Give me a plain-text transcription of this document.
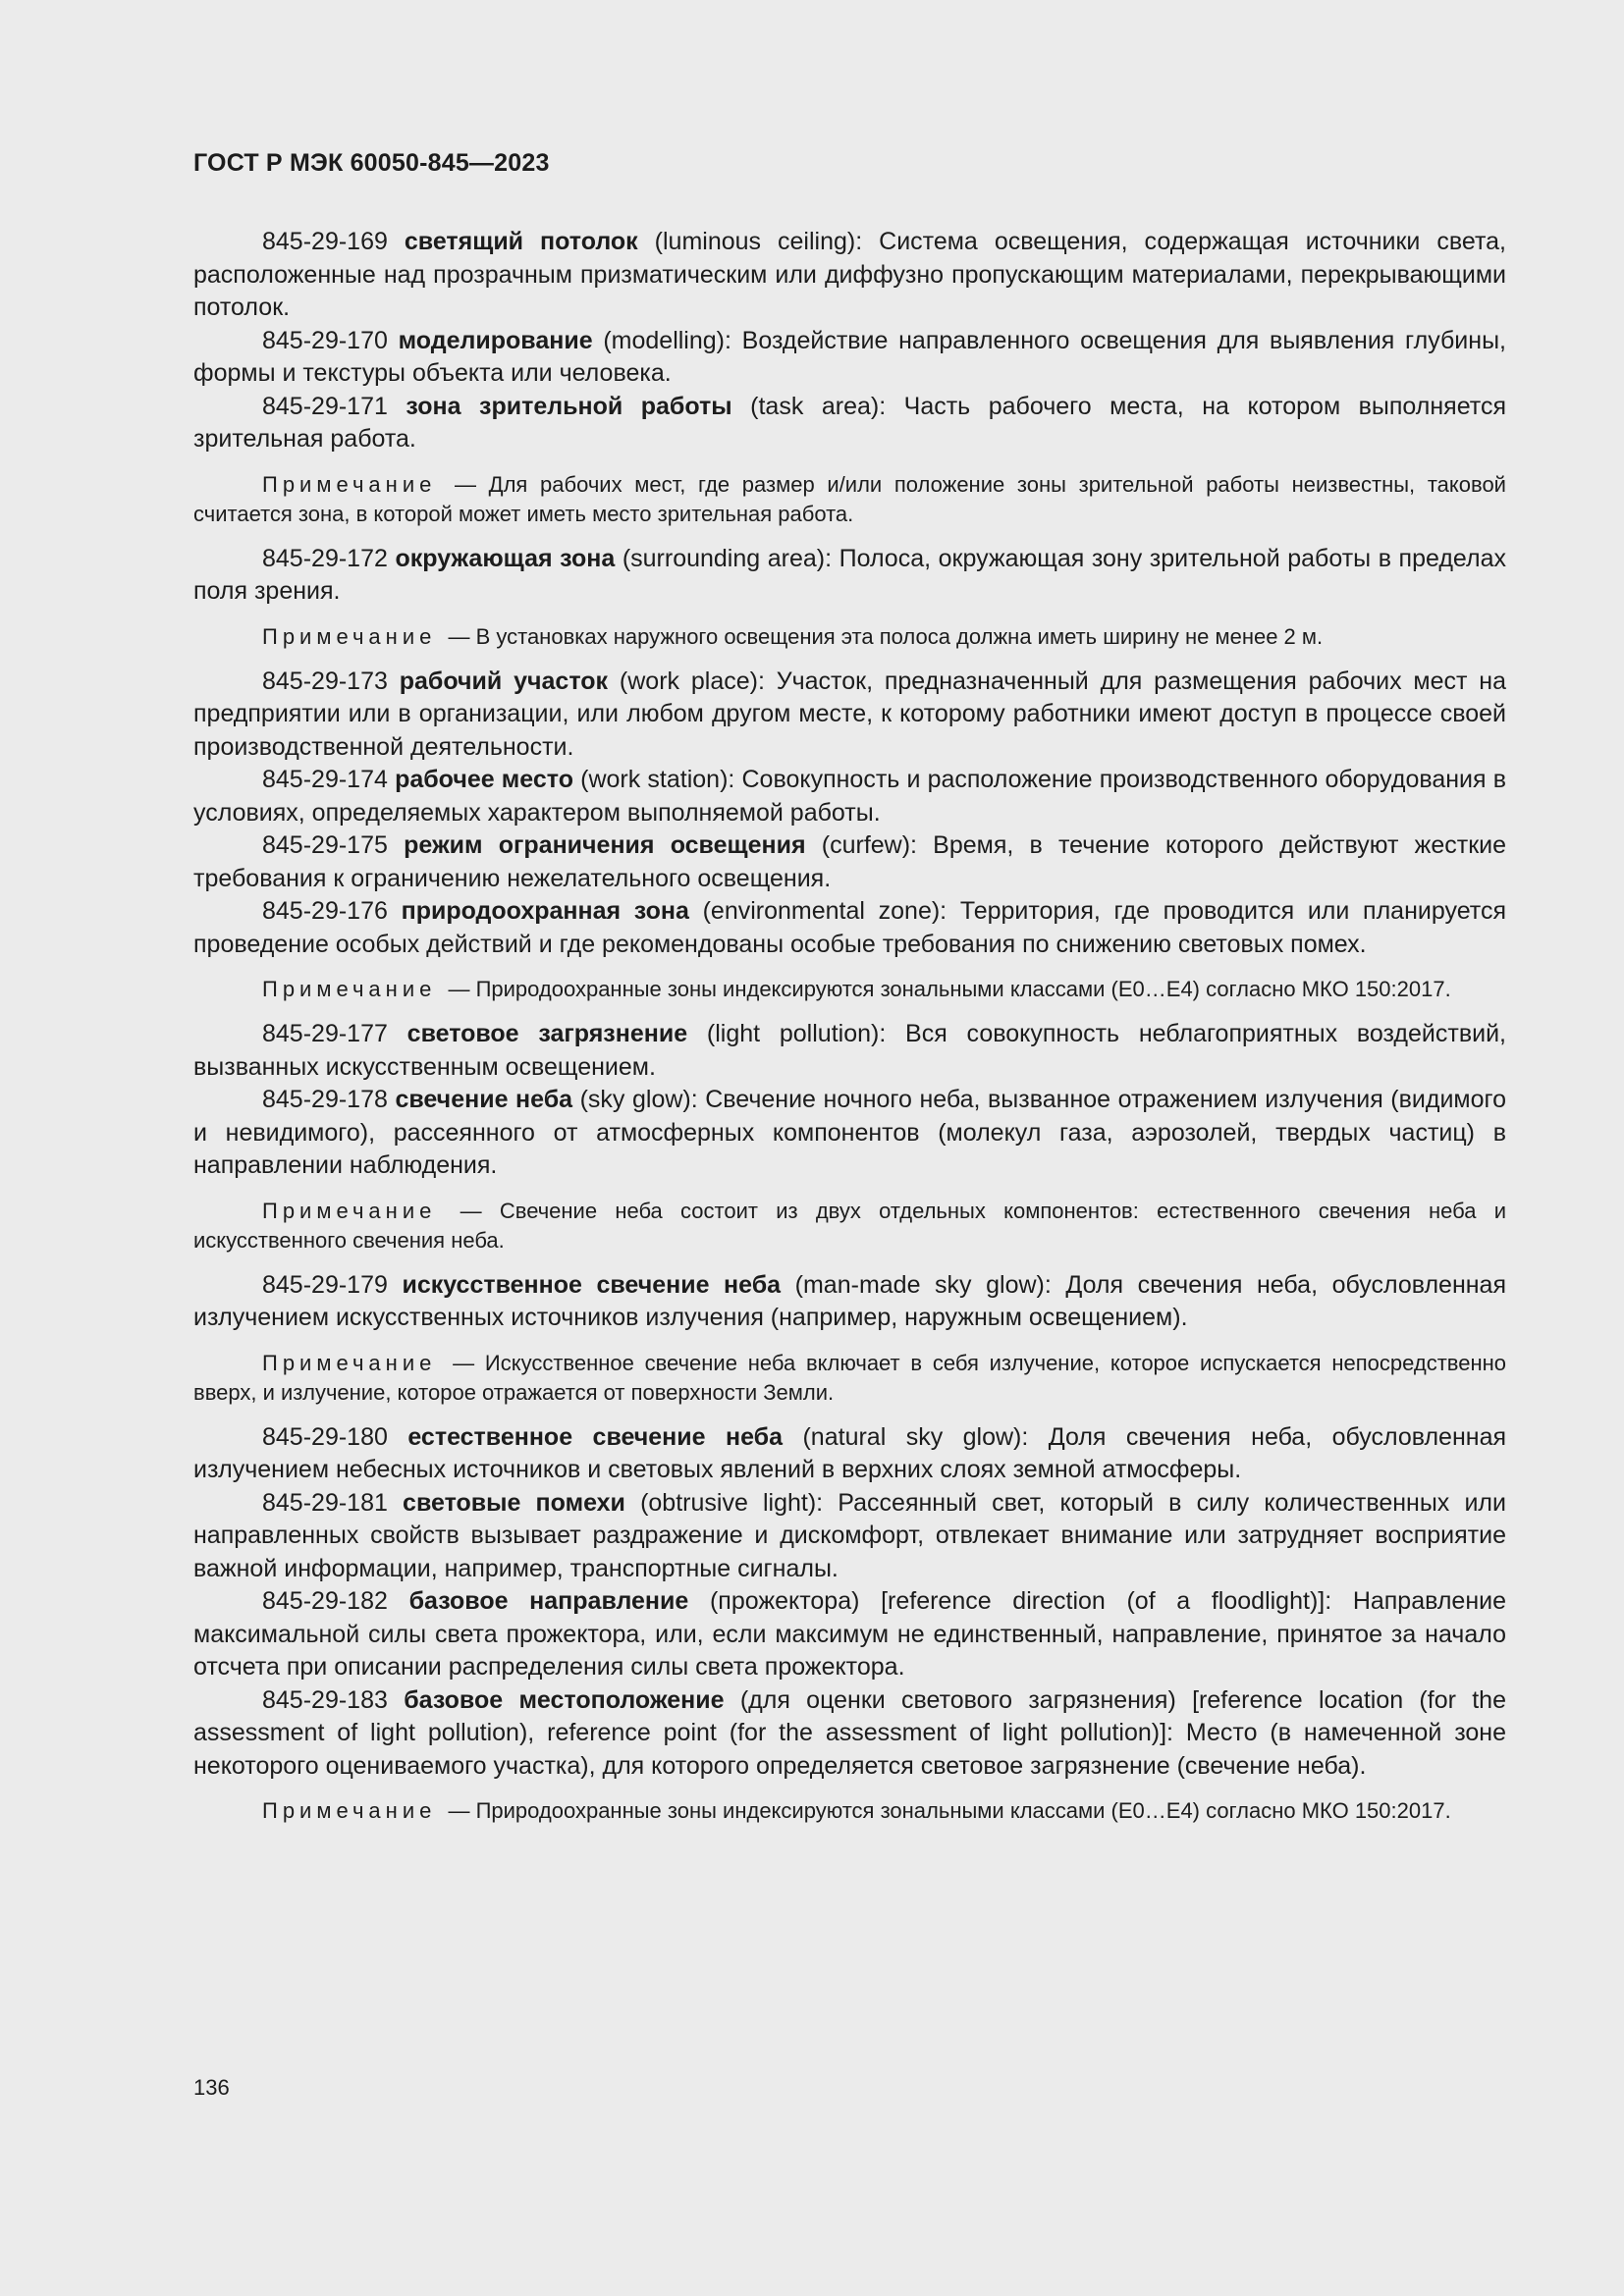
ГОСТ Р МЭК 60050-845—2023

845-29-169 светящий потолок (luminous ceiling): Система освещения, содержащая источники света, расположенные над прозрачным призматическим или диффузно пропускающим материалами, перекрывающими потолок.

845-29-170 моделирование (modelling): Воздействие направленного освещения для выявления глубины, формы и текстуры объекта или человека.

845-29-171 зона зрительной работы (task area): Часть рабочего места, на котором выполняется зрительная работа.

Примечание — Для рабочих мест, где размер и/или положение зоны зрительной работы неизвестны, таковой считается зона, в которой может иметь место зрительная работа.

845-29-172 окружающая зона (surrounding area): Полоса, окружающая зону зрительной работы в пределах поля зрения.

Примечание — В установках наружного освещения эта полоса должна иметь ширину не менее 2 м.

845-29-173 рабочий участок (work place): Участок, предназначенный для размещения рабочих мест на предприятии или в организации, или любом другом месте, к которому работники имеют доступ в процессе своей производственной деятельности.

845-29-174 рабочее место (work station): Совокупность и расположение производственного оборудования в условиях, определяемых характером выполняемой работы.

845-29-175 режим ограничения освещения (curfew): Время, в течение которого действуют жесткие требования к ограничению нежелательного освещения.

845-29-176 природоохранная зона (environmental zone): Территория, где проводится или планируется проведение особых действий и где рекомендованы особые требования по снижению световых помех.

Примечание — Природоохранные зоны индексируются зональными классами (E0…E4) согласно МКО 150:2017.

845-29-177 световое загрязнение (light pollution): Вся совокупность неблагоприятных воздействий, вызванных искусственным освещением.

845-29-178 свечение неба (sky glow): Свечение ночного неба, вызванное отражением излучения (видимого и невидимого), рассеянного от атмосферных компонентов (молекул газа, аэрозолей, твердых частиц) в направлении наблюдения.

Примечание — Свечение неба состоит из двух отдельных компонентов: естественного свечения неба и искусственного свечения неба.

845-29-179 искусственное свечение неба (man-made sky glow): Доля свечения неба, обусловленная излучением искусственных источников излучения (например, наружным освещением).

Примечание — Искусственное свечение неба включает в себя излучение, которое испускается непосредственно вверх, и излучение, которое отражается от поверхности Земли.

845-29-180 естественное свечение неба (natural sky glow): Доля свечения неба, обусловленная излучением небесных источников и световых явлений в верхних слоях земной атмосферы.

845-29-181 световые помехи (obtrusive light): Рассеянный свет, который в силу количественных или направленных свойств вызывает раздражение и дискомфорт, отвлекает внимание или затрудняет восприятие важной информации, например, транспортные сигналы.

845-29-182 базовое направление (прожектора) [reference direction (of a floodlight)]: Направление максимальной силы света прожектора, или, если максимум не единственный, направление, принятое за начало отсчета при описании распределения силы света прожектора.

845-29-183 базовое местоположение (для оценки светового загрязнения) [reference location (for the assessment of light pollution), reference point (for the assessment of light pollution)]: Место (в намеченной зоне некоторого оцениваемого участка), для которого определяется световое загрязнение (свечение неба).

Примечание — Природоохранные зоны индексируются зональными классами (E0…E4) согласно МКО 150:2017.

136
